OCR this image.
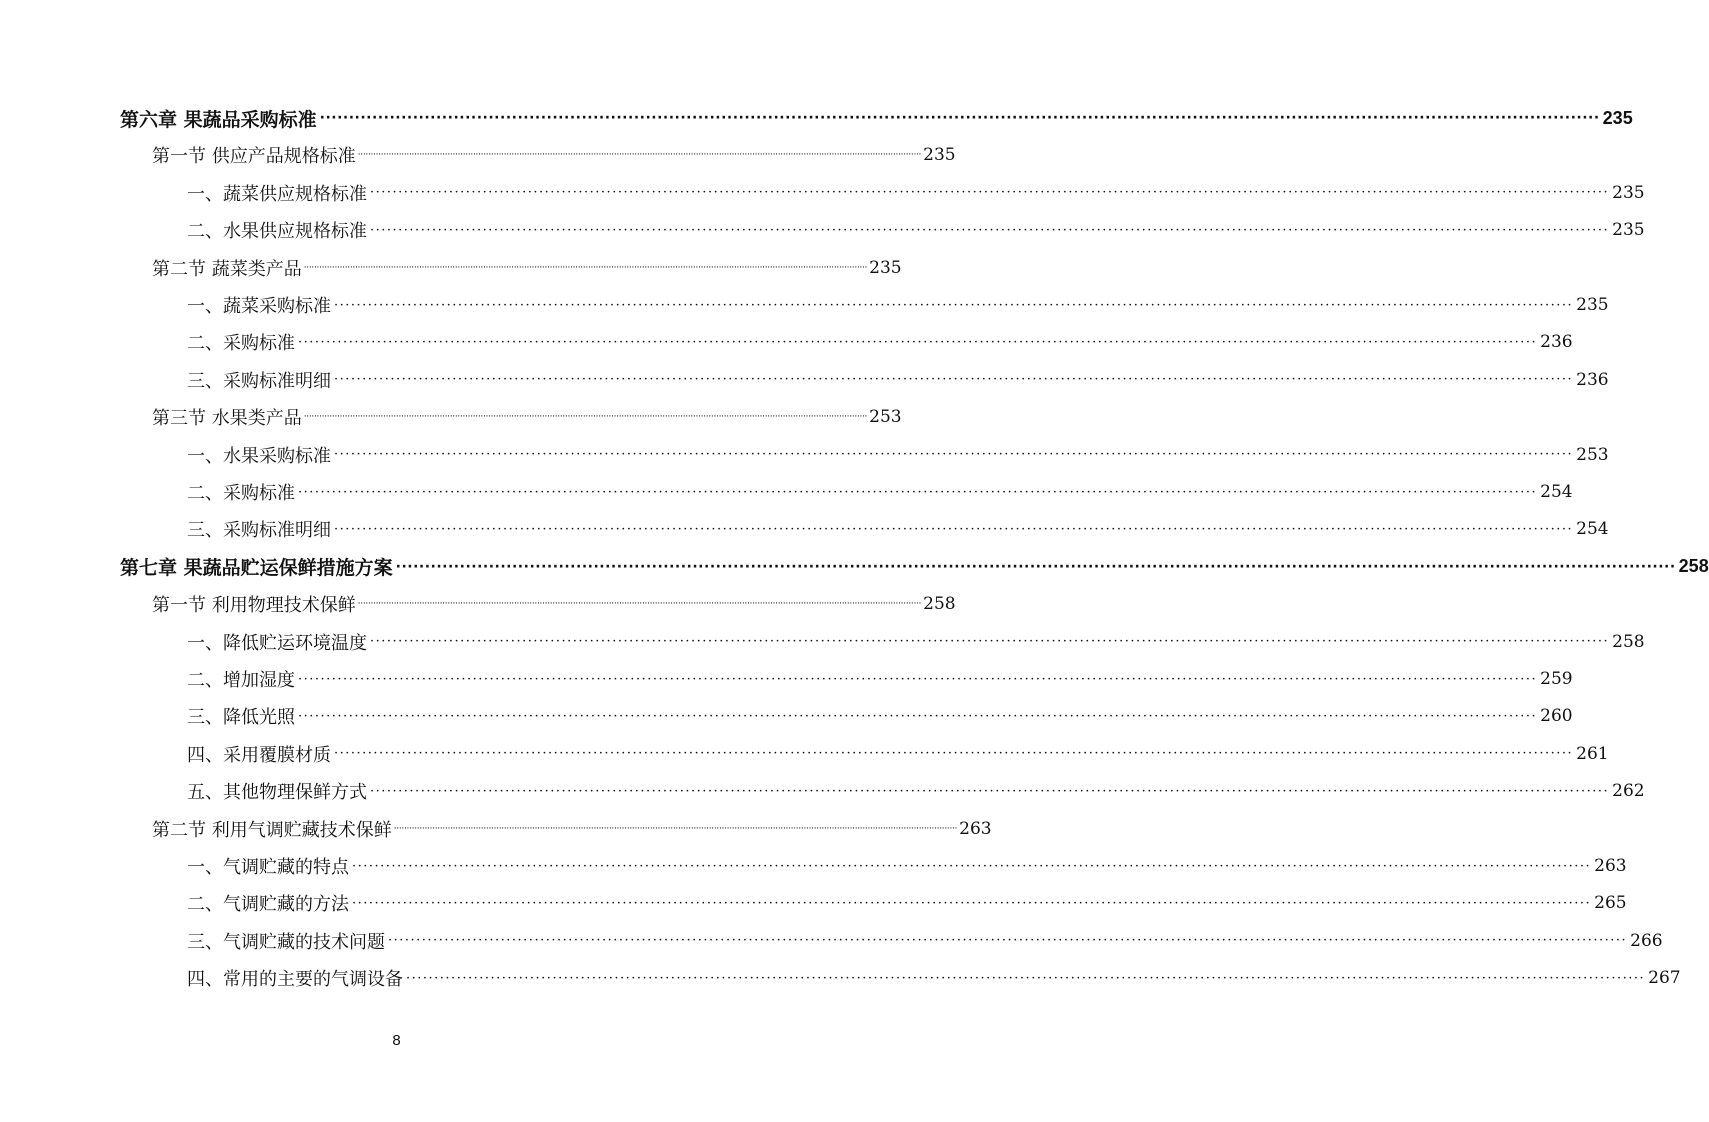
第六章 果蔬品采购标准 ···························································································································································································································· 235
第一节 供应产品规格标准 ···························································································································································································································· 235
一、蔬菜供应规格标准 ···························································································································································································································· 235
二、水果供应规格标准 ···························································································································································································································· 235
第二节 蔬菜类产品 ···························································································································································································································· 235
一、蔬菜采购标准 ···························································································································································································································· 235
二、采购标准 ···························································································································································································································· 236
三、采购标准明细 ···························································································································································································································· 236
第三节 水果类产品 ···························································································································································································································· 253
一、水果采购标准 ···························································································································································································································· 253
二、采购标准 ···························································································································································································································· 254
三、采购标准明细 ···························································································································································································································· 254
第七章 果蔬品贮运保鲜措施方案 ···························································································································································································································· 258
第一节 利用物理技术保鲜 ···························································································································································································································· 258
一、降低贮运环境温度 ···························································································································································································································· 258
二、增加湿度 ···························································································································································································································· 259
三、降低光照 ···························································································································································································································· 260
四、采用覆膜材质 ···························································································································································································································· 261
五、其他物理保鲜方式 ···························································································································································································································· 262
第二节 利用气调贮藏技术保鲜 ···························································································································································································································· 263
一、气调贮藏的特点 ···························································································································································································································· 263
二、气调贮藏的方法 ···························································································································································································································· 265
三、气调贮藏的技术问题 ···························································································································································································································· 266
四、常用的主要的气调设备 ···························································································································································································································· 267
8
